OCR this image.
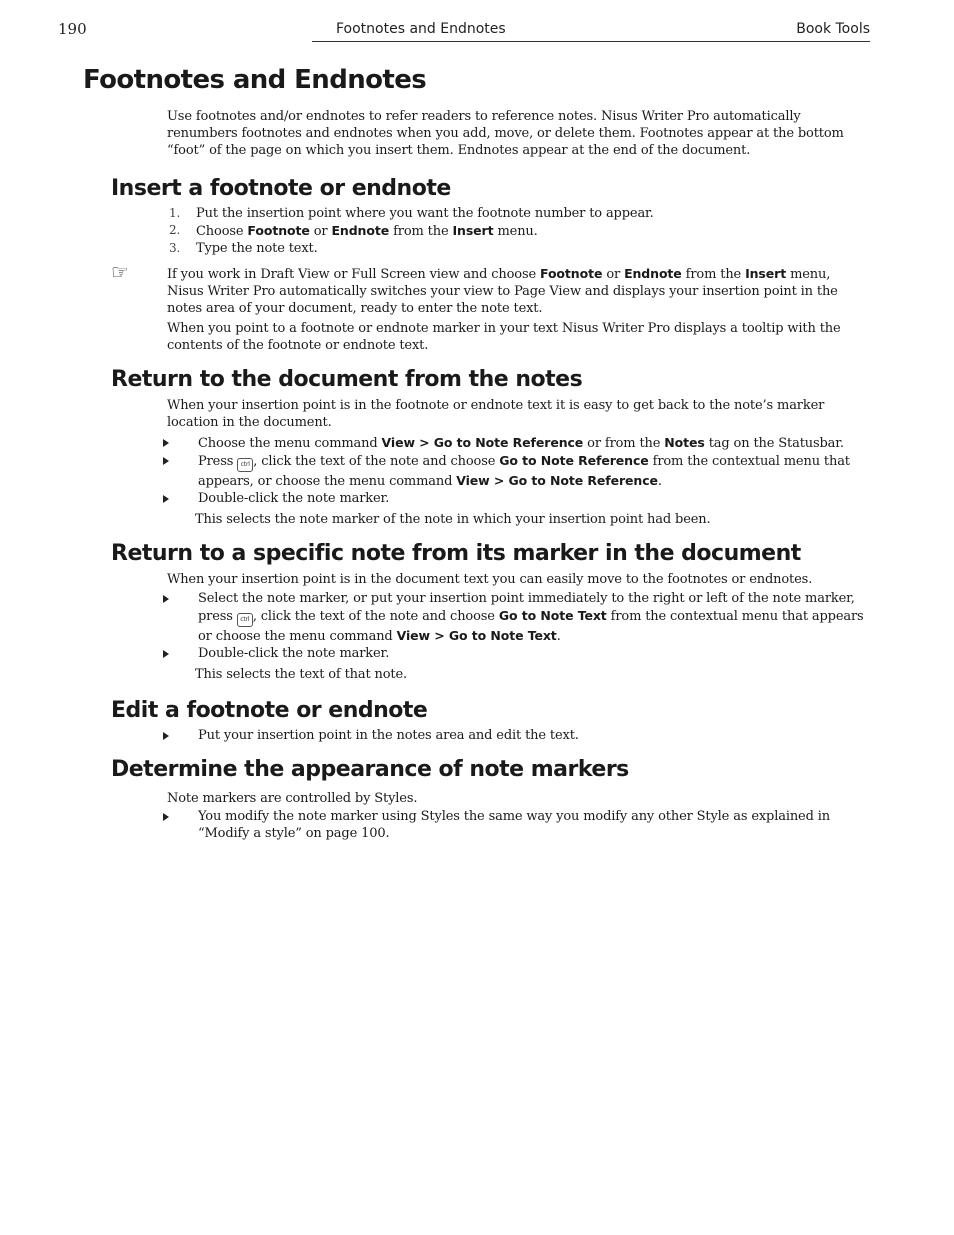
190	Footnotes and Endnotes	Book Tools
Footnotes and Endnotes

Use footnotes and/or endnotes to refer readers to reference notes. Nisus Writer Pro automatically renumbers footnotes and endnotes when you add, move, or delete them. Footnotes appear at the bottom “foot” of the page on which you insert them. Endnotes appear at the end of the document.

Insert a footnote or endnote
1. Put the insertion point where you want the footnote number to appear.
2. Choose Footnote or Endnote from the Insert menu.
3. Type the note text.
☞	If you work in Draft View or Full Screen view and choose Footnote or Endnote from the Insert menu, Nisus Writer Pro automatically switches your view to Page View and displays your insertion point in the notes area of your document, ready to enter the note text.

When you point to a footnote or endnote marker in your text Nisus Writer Pro displays a tooltip with the contents of the footnote or endnote text.

Return to the document from the notes

When your insertion point is in the footnote or endnote text it is easy to get back to the note’s marker location in the document.

Choose the menu command View > Go to Note Reference or from the Notes tag on the Statusbar.
Press ctrl , click the text of the note and choose Go to Note Reference from the contextual menu that appears, or choose the menu command View > Go to Note Reference.
Double-click the note marker.

This selects the note marker of the note in which your insertion point had been.

Return to a specific note from its marker in the document

When your insertion point is in the document text you can easily move to the footnotes or endnotes.

Select the note marker, or put your insertion point immediately to the right or left of the note marker, press ctrl , click the text of the note and choose Go to Note Text from the contextual menu that appears or choose the menu command View > Go to Note Text.
Double-click the note marker.

This selects the text of that note.

Edit a footnote or endnote
Put your insertion point in the notes area and edit the text.
Determine the appearance of note markers

Note markers are controlled by Styles.

You modify the note marker using Styles the same way you modify any other Style as explained in “Modify a style” on page 100.
